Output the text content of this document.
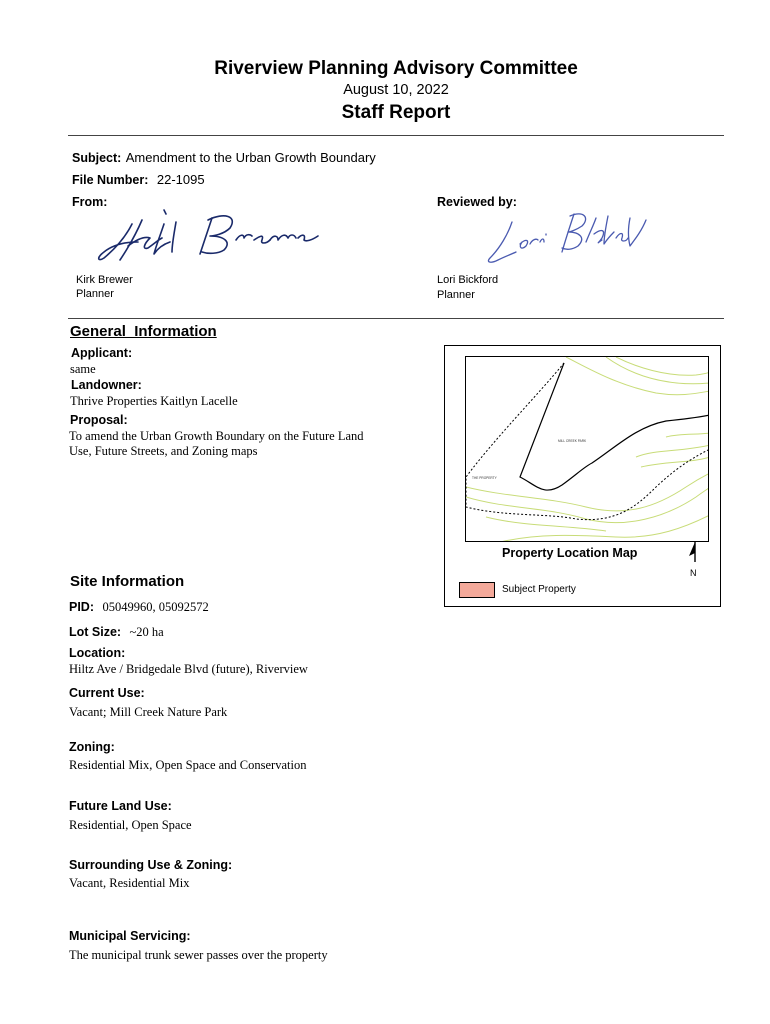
Riverview Planning Advisory Committee
August 10, 2022
Staff Report
Subject: Amendment to the Urban Growth Boundary
File Number: 22-1095
From:	Reviewed by:
Kirk Brewer
Planner
Lori Bickford
Planner
General  Information
Applicant:
same
Landowner:
Thrive Properties Kaitlyn Lacelle
Proposal:
To amend the Urban Growth Boundary on the Future Land
Use, Future Streets, and Zoning maps
MILL CREEK PARK
THE PROPERTY
Property Location Map
N
Subject Property
Site Information
PID: 05049960, 05092572
Lot Size: ~20 ha
Location:
Hiltz Ave / Bridgedale Blvd (future), Riverview
Current Use:
Vacant; Mill Creek Nature Park
Zoning:
Residential Mix, Open Space and Conservation
Future Land Use:
Residential, Open Space
Surrounding Use & Zoning:
Vacant, Residential Mix
Municipal Servicing:
The municipal trunk sewer passes over the property
